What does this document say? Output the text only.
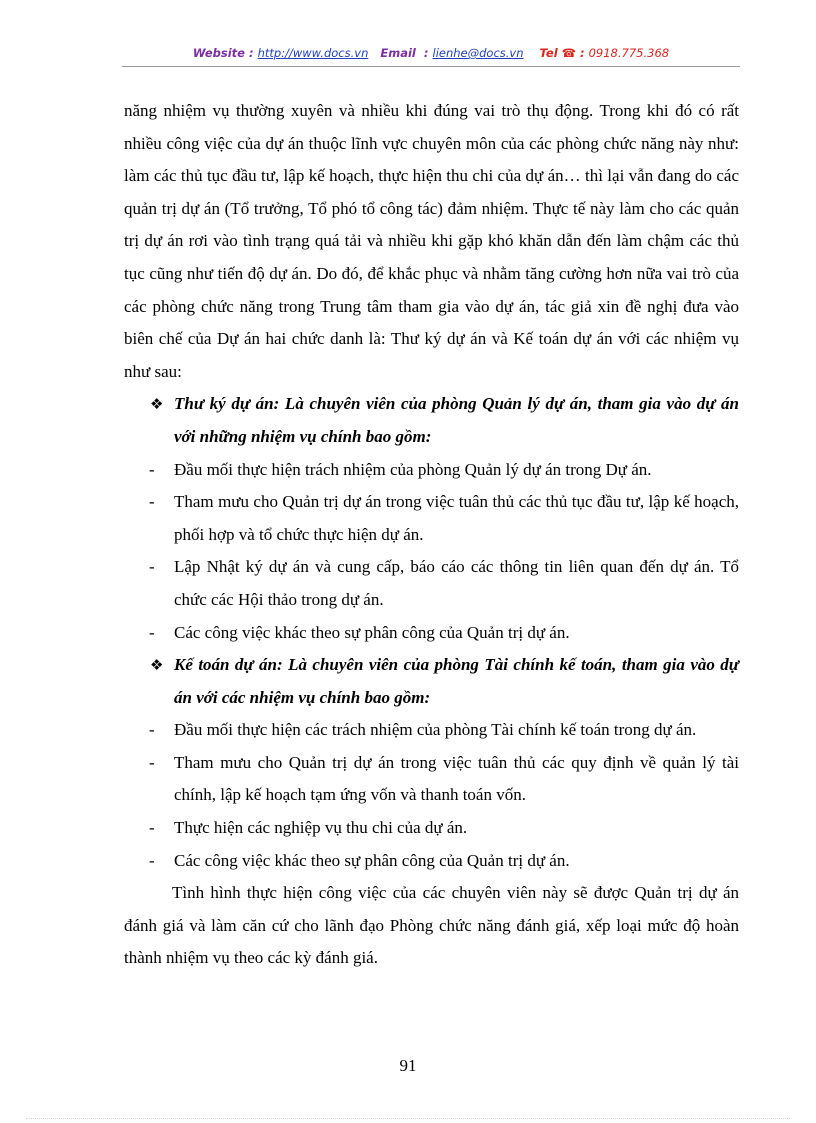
Website : http://www.docs.vn Email  : lienhe@docs.vn Tel ☎ : 0918.775.368

năng nhiệm vụ thường xuyên và nhiều khi đúng vai trò thụ động. Trong khi đó có rất nhiều công việc của dự án thuộc lĩnh vực chuyên môn của các phòng chức năng này như: làm các thủ tục đầu tư, lập kế hoạch, thực hiện thu chi của dự án… thì lại vẫn đang do các quản trị dự án (Tổ trưởng, Tổ phó tổ công tác) đảm nhiệm. Thực tế này làm cho các quản trị dự án rơi vào tình trạng quá tải và nhiều khi gặp khó khăn dẫn đến làm chậm các thủ tục cũng như tiến độ dự án. Do đó, để khắc phục và nhằm tăng cường hơn nữa vai trò của các phòng chức năng trong Trung tâm tham gia vào dự án, tác giả xin đề nghị đưa vào biên chế của Dự án hai chức danh là: Thư ký dự án và Kế toán dự án với các nhiệm vụ như sau:

❖ Thư ký dự án: Là chuyên viên của phòng Quản lý dự án, tham gia vào dự án với những nhiệm vụ chính bao gồm:

- Đầu mối thực hiện trách nhiệm của phòng Quản lý dự án trong Dự án.

- Tham mưu cho Quản trị dự án trong việc tuân thủ các thủ tục đầu tư, lập kế hoạch, phối hợp và tổ chức thực hiện dự án.

- Lập Nhật ký dự án và cung cấp, báo cáo các thông tin liên quan đến dự án. Tổ chức các Hội thảo trong dự án.

- Các công việc khác theo sự phân công của Quản trị dự án.

❖ Kế toán dự án: Là chuyên viên của phòng Tài chính kế toán, tham gia vào dự án với các nhiệm vụ chính bao gồm:

- Đầu mối thực hiện các trách nhiệm của phòng Tài chính kế toán trong dự án.

- Tham mưu cho Quản trị dự án trong việc tuân thủ các quy định về quản lý tài chính, lập kế hoạch tạm ứng vốn và thanh toán vốn.

- Thực hiện các nghiệp vụ thu chi của dự án.

- Các công việc khác theo sự phân công của Quản trị dự án.

Tình hình thực hiện công việc của các chuyên viên này sẽ được Quản trị dự án đánh giá và làm căn cứ cho lãnh đạo Phòng chức năng đánh giá, xếp loại mức độ hoàn thành nhiệm vụ theo các kỳ đánh giá.

91
